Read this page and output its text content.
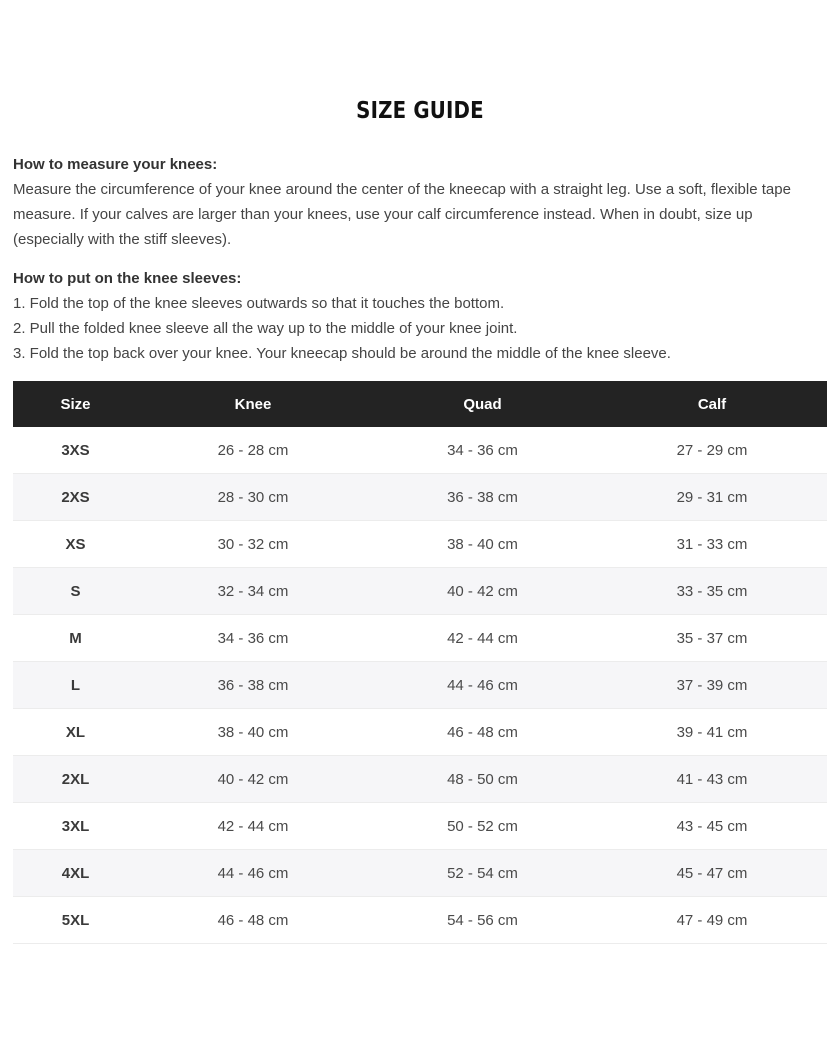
SIZE GUIDE
How to measure your knees:

Measure the circumference of your knee around the center of the kneecap with a straight leg. Use a soft, flexible tape measure. If your calves are larger than your knees, use your calf circumference instead. When in doubt, size up (especially with the stiff sleeves).

How to put on the knee sleeves:
1. Fold the top of the knee sleeves outwards so that it touches the bottom.
2. Pull the folded knee sleeve all the way up to the middle of your knee joint.
3. Fold the top back over your knee. Your kneecap should be around the middle of the knee sleeve.
Size	Knee	Quad	Calf
3XS	26 - 28 cm	34 - 36 cm	27 - 29 cm
2XS	28 - 30 cm	36 - 38 cm	29 - 31 cm
XS	30 - 32 cm	38 - 40 cm	31 - 33 cm
S	32 - 34 cm	40 - 42 cm	33 - 35 cm
M	34 - 36 cm	42 - 44 cm	35 - 37 cm
L	36 - 38 cm	44 - 46 cm	37 - 39 cm
XL	38 - 40 cm	46 - 48 cm	39 - 41 cm
2XL	40 - 42 cm	48 - 50 cm	41 - 43 cm
3XL	42 - 44 cm	50 - 52 cm	43 - 45 cm
4XL	44 - 46 cm	52 - 54 cm	45 - 47 cm
5XL	46 - 48 cm	54 - 56 cm	47 - 49 cm
